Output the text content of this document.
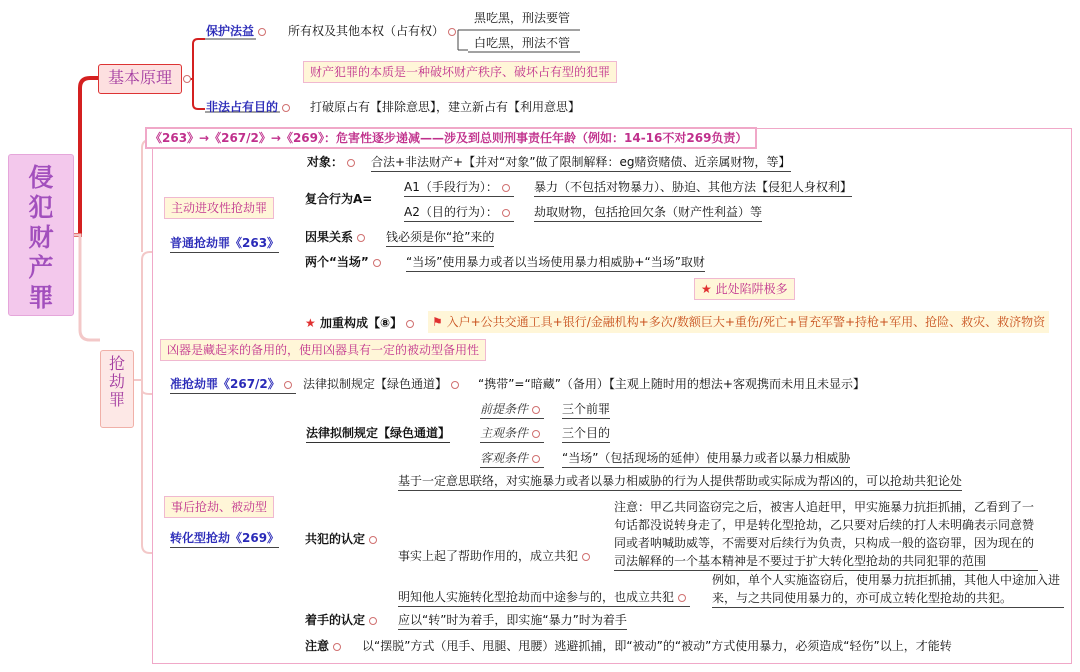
侵犯财产罪
基本原理
保护法益	所有权及其他本权（占有权）
黑吃黑，刑法要管
白吃黑，刑法不管
财产犯罪的本质是一种破坏财产秩序、破坏占有型的犯罪
非法占有目的	打破原占有【排除意思】，建立新占有【利用意思】
《263》→《267/2》→《269》：危害性逐步递减——涉及到总则刑事责任年龄（例如：14-16不对269负责）
抢劫罪
主动进攻性抢劫罪
普通抢劫罪《263》
对象：	合法+非法财产+【并对“对象”做了限制解释：eg赌资赌债、近亲属财物，等】
复合行为A=
A1（手段行为）：	暴力（不包括对物暴力）、胁迫、其他方法【侵犯人身权利】
A2（目的行为）：	劫取财物，包括抢回欠条（财产性利益）等
因果关系	钱必须是你“抢”来的
两个“当场”	“当场”使用暴力或者以当场使用暴力相威胁+“当场”取财
★ 此处陷阱极多
★ 加重构成【⑧】	⚑ 入户+公共交通工具+银行/金融机构+多次/数额巨大+重伤/死亡+冒充军警+持枪+军用、抢险、救灾、救济物资
凶器是藏起来的备用的，使用凶器具有一定的被动型备用性
准抢劫罪《267/2》	法律拟制规定【绿色通道】	“携带”=“暗藏”（备用）【主观上随时用的想法+客观携而未用且未显示】
事后抢劫、被动型
转化型抢劫《269》
法律拟制规定【绿色通道】
前提条件	三个前罪
主观条件	三个目的
客观条件	“当场”（包括现场的延伸）使用暴力或者以暴力相威胁
共犯的认定
基于一定意思联络，对实施暴力或者以暴力相威胁的行为人提供帮助或实际成为帮凶的，可以抢劫共犯论处
事实上起了帮助作用的，成立共犯
注意：甲乙共同盗窃完之后，被害人追赶甲，甲实施暴力抗拒抓捕，乙看到了一句话都没说转身走了，甲是转化型抢劫，乙只要对后续的打人未明确表示同意赞同或者呐喊助威等，不需要对后续行为负责，只构成一般的盗窃罪，因为现在的司法解释的一个基本精神是不要过于扩大转化型抢劫的共同犯罪的范围
明知他人实施转化型抢劫而中途参与的，也成立共犯
例如，单个人实施盗窃后，使用暴力抗拒抓捕，其他人中途加入进来，与之共同使用暴力的，亦可成立转化型抢劫的共犯。
着手的认定	应以“转”时为着手，即实施“暴力”时为着手
注意	以“摆脱”方式（甩手、甩腿、甩腰）逃避抓捕，即“被动”的“被动”方式使用暴力，必须造成“轻伤”以上，才能转
